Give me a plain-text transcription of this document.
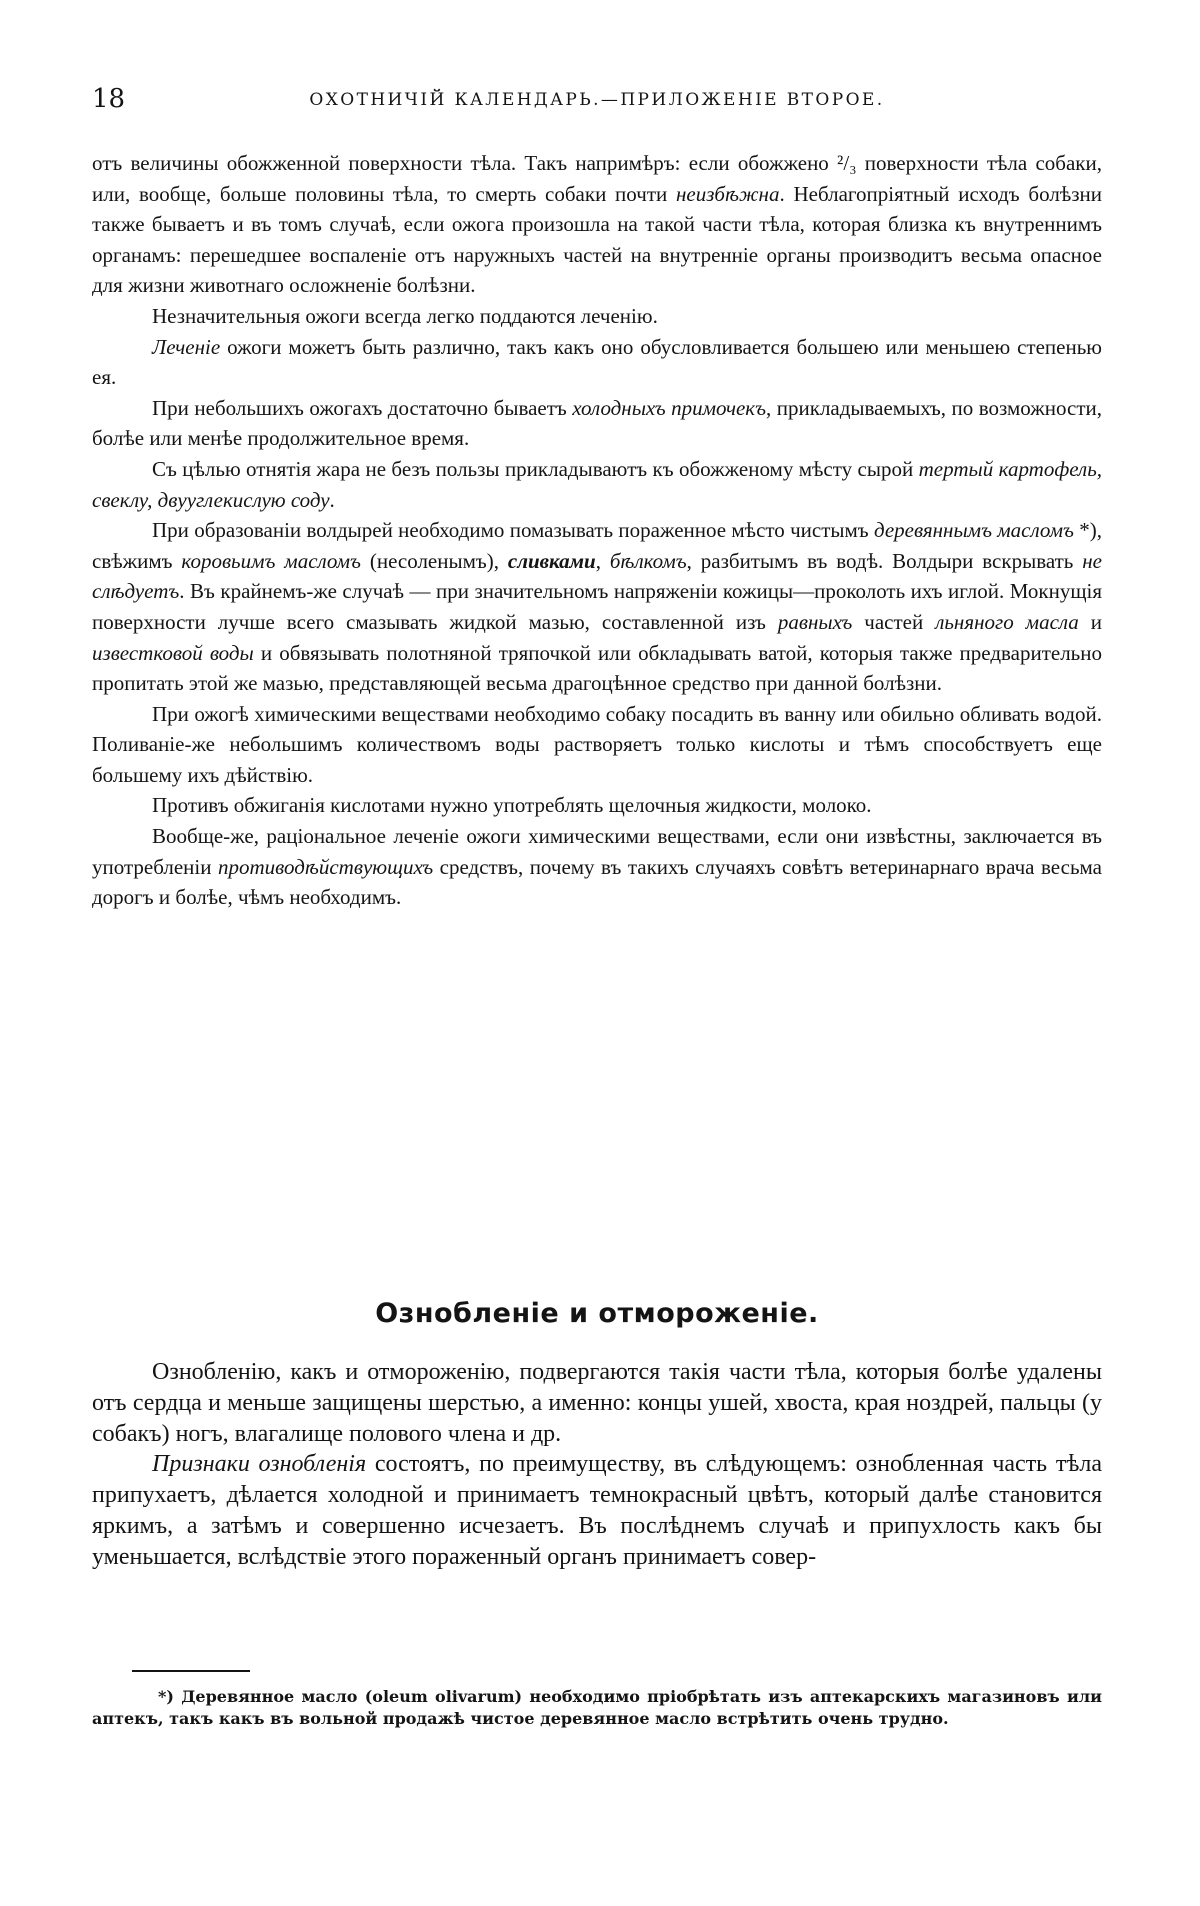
18	ОХОТНИЧІЙ КАЛЕНДАРЬ.—ПРИЛОЖЕНІЕ ВТОРОЕ.

отъ величины обожженной поверхности тѣла. Такъ напримѣръ: если обожжено ²/₃ поверхности тѣла собаки, или, вообще, больше половины тѣла, то смерть собаки почти неизбѣжна. Неблагопріятный исходъ болѣзни также бываетъ и въ томъ случаѣ, если ожога произошла на такой части тѣла, которая близка къ внутреннимъ органамъ: перешедшее воспаленіе отъ наружныхъ частей на внутренніе органы производитъ весьма опасное для жизни животнаго осложненіе болѣзни.

Незначительныя ожоги всегда легко поддаются леченію.

Леченіе ожоги можетъ быть различно, такъ какъ оно обусловливается большею или меньшею степенью ея.

При небольшихъ ожогахъ достаточно бываетъ холодныхъ примочекъ, прикладываемыхъ, по возможности, болѣе или менѣе продолжительное время.

Съ цѣлью отнятія жара не безъ пользы прикладываютъ къ обожженому мѣсту сырой тертый картофель, свеклу, двууглекислую соду.

При образованіи волдырей необходимо помазывать пораженное мѣсто чистымъ деревяннымъ масломъ *), свѣжимъ коровьимъ масломъ (несоленымъ), сливками, бѣлкомъ, разбитымъ въ водѣ. Волдыри вскрывать не слѣдуетъ. Въ крайнемъ-же случаѣ — при значительномъ напряженіи кожицы—проколоть ихъ иглой. Мокнущія поверхности лучше всего смазывать жидкой мазью, составленной изъ равныхъ частей льняного масла и известковой воды и обвязывать полотняной тряпочкой или обкладывать ватой, которыя также предварительно пропитать этой же мазью, представляющей весьма драгоцѣнное средство при данной болѣзни.

При ожогѣ химическими веществами необходимо собаку посадить въ ванну или обильно обливать водой. Поливаніе-же небольшимъ количествомъ воды растворяетъ только кислоты и тѣмъ способствуетъ еще большему ихъ дѣйствію.

Противъ обжиганія кислотами нужно употреблять щелочныя жидкости, молоко.

Вообще-же, раціональное леченіе ожоги химическими веществами, если они извѣстны, заключается въ употребленіи противодѣйствующихъ средствъ, почему въ такихъ случаяхъ совѣтъ ветеринарнаго врача весьма дорогъ и болѣе, чѣмъ необходимъ.

Ознобленіе и отмороженіе.

Ознобленію, какъ и отмороженію, подвергаются такія части тѣла, которыя болѣе удалены отъ сердца и меньше защищены шерстью, а именно: концы ушей, хвоста, края ноздрей, пальцы (у собакъ) ногъ, влагалище полового члена и др.

Признаки ознобленія состоятъ, по преимуществу, въ слѣдующемъ: ознобленная часть тѣла припухаетъ, дѣлается холодной и принимаетъ темнокрасный цвѣтъ, который далѣе становится яркимъ, а затѣмъ и совершенно исчезаетъ. Въ послѣднемъ случаѣ и припухлость какъ бы уменьшается, вслѣдствіе этого пораженный органъ принимаетъ совер-

*) Деревянное масло (oleum olivarum) необходимо пріобрѣтать изъ аптекарскихъ магазиновъ или аптекъ, такъ какъ въ вольной продажѣ чистое деревянное масло встрѣтить очень трудно.
